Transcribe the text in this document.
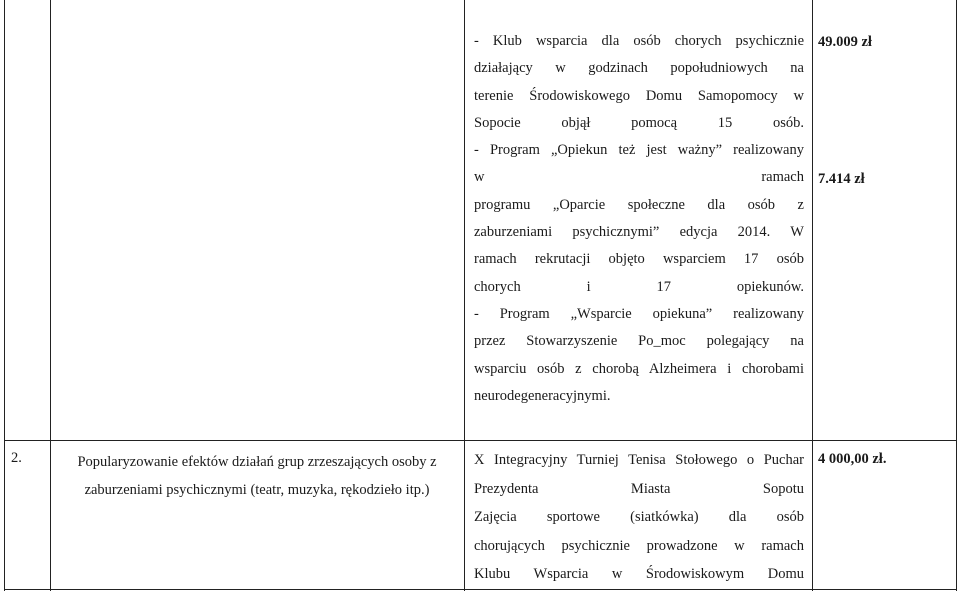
- Klub wsparcia dla osób chorych psychicznie
działający w godzinach popołudniowych na
terenie Środowiskowego Domu Samopomocy w
Sopocie objął pomocą 15 osób.
- Program „Opiekun też jest ważny” realizowany
w ramach
programu „Oparcie społeczne dla osób z
zaburzeniami psychicznymi” edycja 2014. W
ramach rekrutacji objęto wsparciem 17 osób
chorych i 17 opiekunów.
- Program „Wsparcie opiekuna” realizowany
przez Stowarzyszenie Po_moc polegający na
wsparciu osób z chorobą Alzheimera i chorobami
neurodegeneracyjnymi.
49.009 zł
7.414 zł
2.	Popularyzowanie efektów działań grup zrzeszających osoby z
zaburzeniami psychicznymi (teatr, muzyka, rękodzieło itp.)
X Integracyjny Turniej Tenisa Stołowego o Puchar
Prezydenta Miasta Sopotu
Zajęcia sportowe (siatkówka) dla osób
chorujących psychicznie prowadzone w ramach
Klubu Wsparcia w Środowiskowym Domu
4 000,00 zł.
